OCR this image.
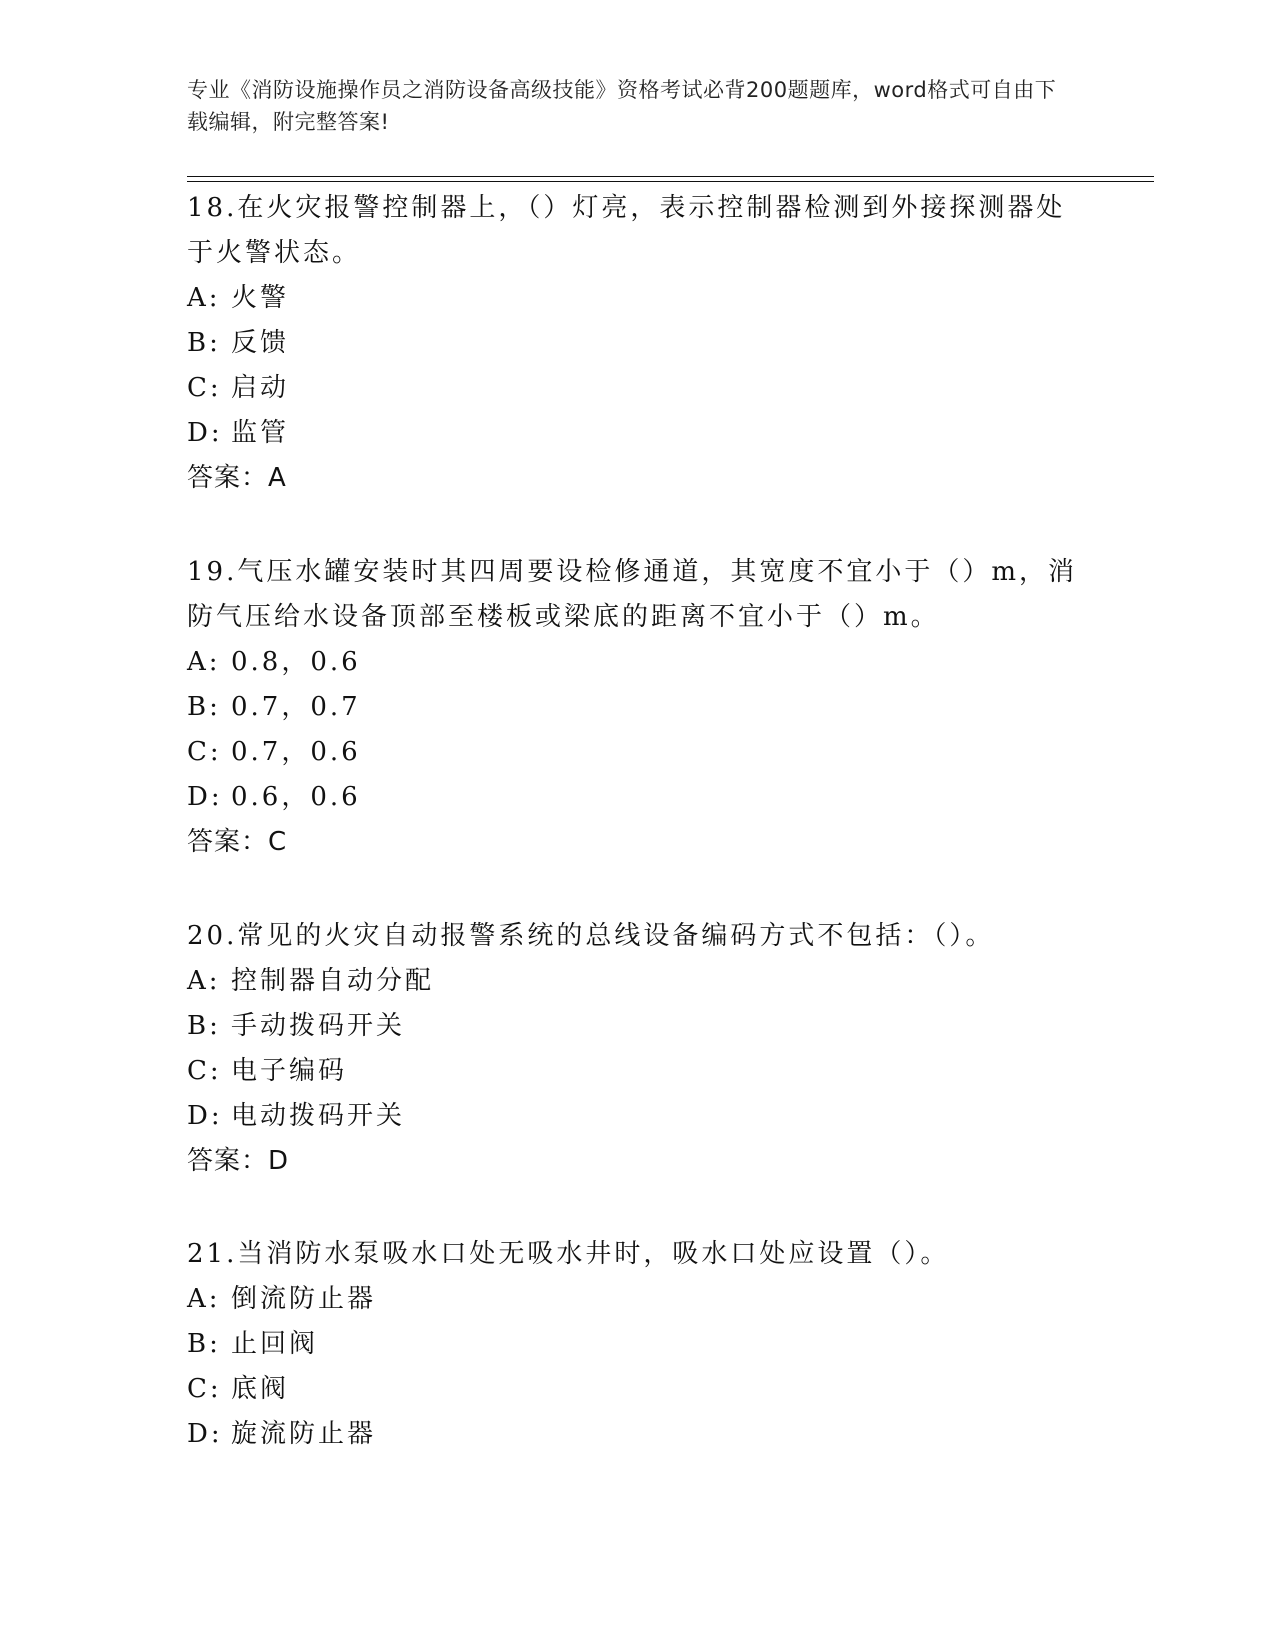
专业《消防设施操作员之消防设备高级技能》资格考试必背200题题库，word格式可自由下载编辑，附完整答案!

18.在火灾报警控制器上，（）灯亮，表示控制器检测到外接探测器处于火警状态。

A: 火警
B: 反馈
C: 启动
D: 监管
答案：A

19.气压水罐安装时其四周要设检修通道，其宽度不宜小于（）m，消防气压给水设备顶部至楼板或梁底的距离不宜小于（）m。

A: 0.8，0.6
B: 0.7，0.7
C: 0.7，0.6
D: 0.6，0.6
答案：C

20.常见的火灾自动报警系统的总线设备编码方式不包括：（）。

A: 控制器自动分配
B: 手动拨码开关
C: 电子编码
D: 电动拨码开关
答案：D

21.当消防水泵吸水口处无吸水井时，吸水口处应设置（）。

A: 倒流防止器
B: 止回阀
C: 底阀
D: 旋流防止器
